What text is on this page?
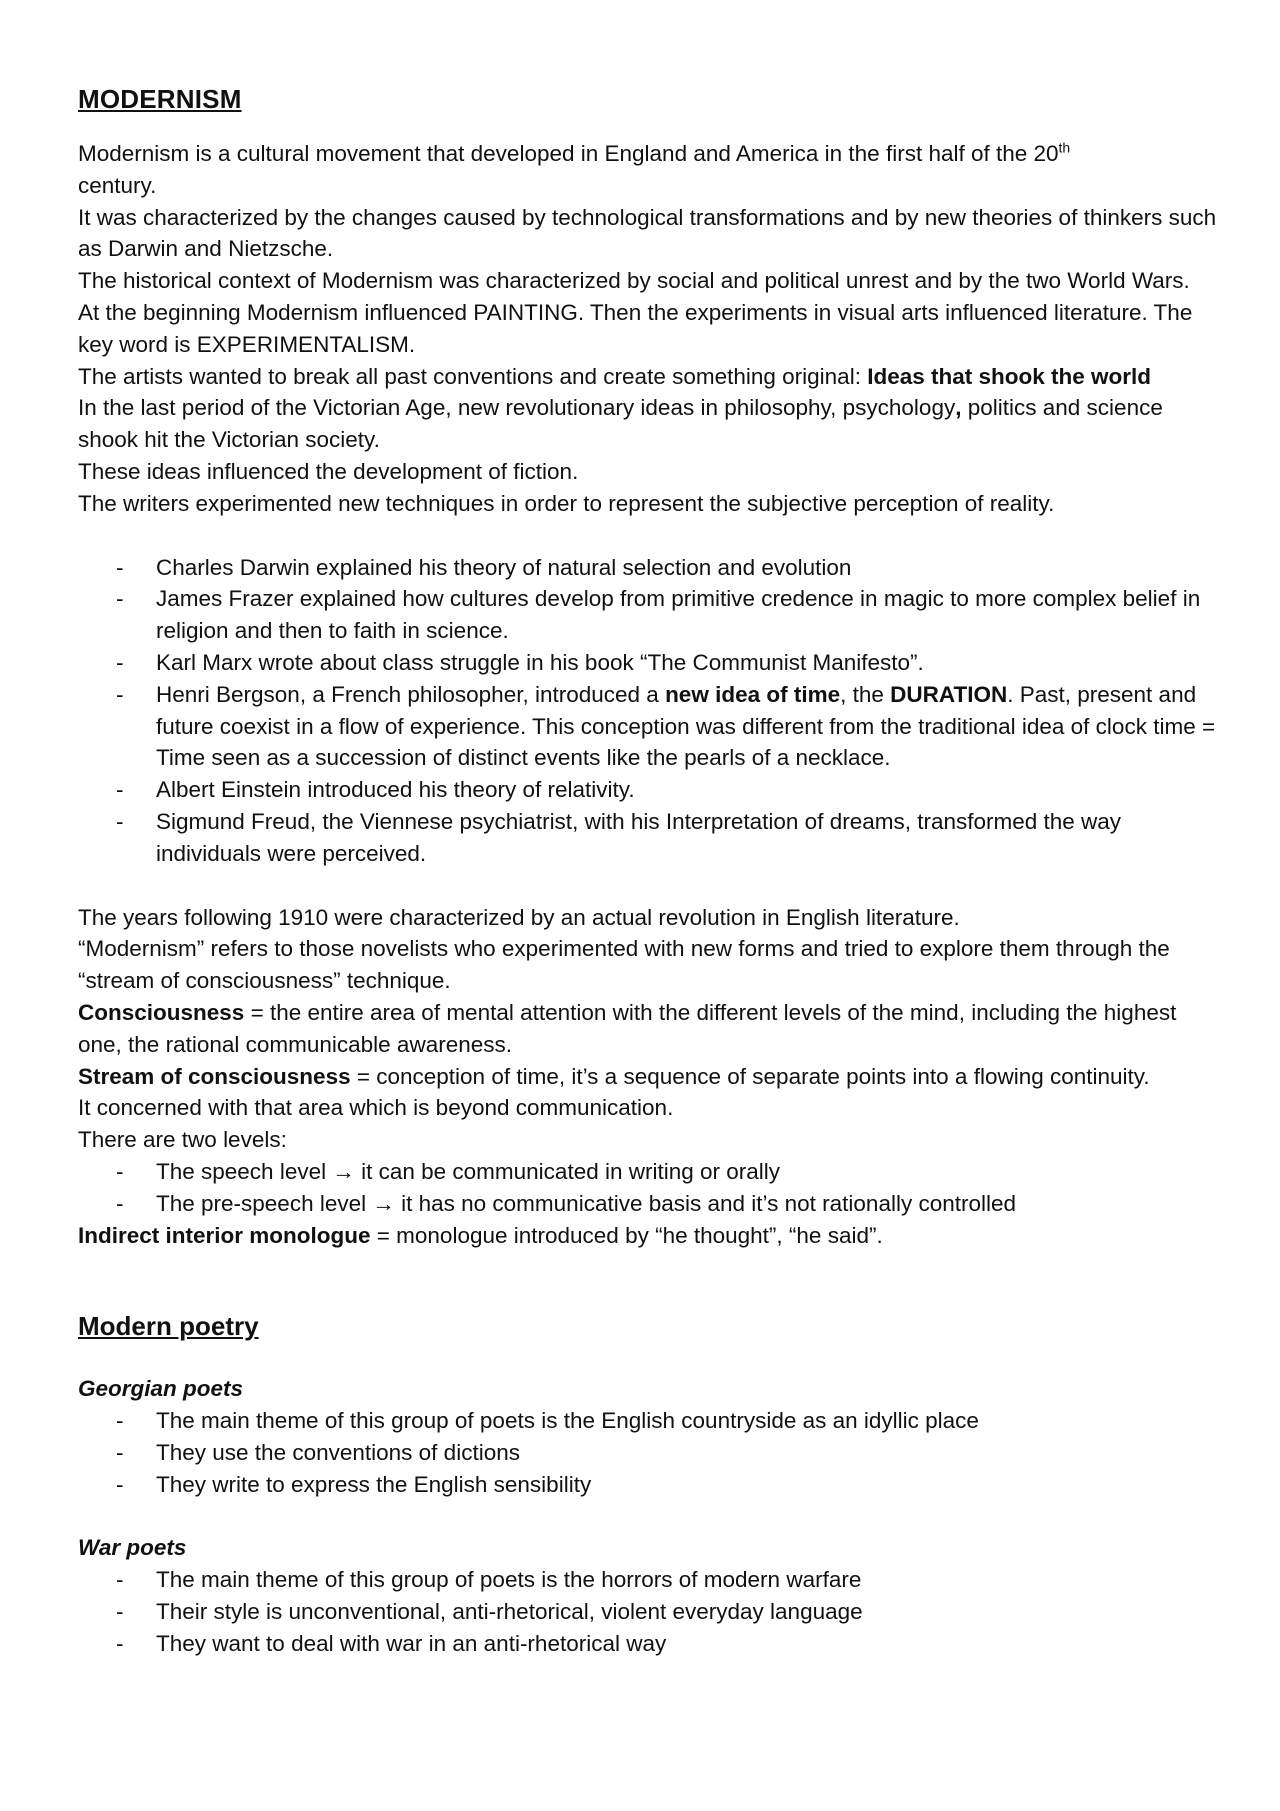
MODERNISM

Modernism is a cultural movement that developed in England and America in the first half of the 20th
century.

It was characterized by the changes caused by technological transformations and by new theories of thinkers such as Darwin and Nietzsche.

The historical context of Modernism was characterized by social and political unrest and by the two World Wars.

At the beginning Modernism influenced PAINTING. Then the experiments in visual arts influenced literature. The key word is EXPERIMENTALISM.

The artists wanted to break all past conventions and create something original: Ideas that shook the world

In the last period of the Victorian Age, new revolutionary ideas in philosophy, psychology, politics and science shook hit the Victorian society.

These ideas influenced the development of fiction.

The writers experimented new techniques in order to represent the subjective perception of reality.

- Charles Darwin explained his theory of natural selection and evolution
- James Frazer explained how cultures develop from primitive credence in magic to more complex belief in religion and then to faith in science.
- Karl Marx wrote about class struggle in his book “The Communist Manifesto”.
- Henri Bergson, a French philosopher, introduced a new idea of time, the DURATION. Past, present and future coexist in a flow of experience. This conception was different from the traditional idea of clock time = Time seen as a succession of distinct events like the pearls of a necklace.
- Albert Einstein introduced his theory of relativity.
- Sigmund Freud, the Viennese psychiatrist, with his Interpretation of dreams, transformed the way individuals were perceived.

The years following 1910 were characterized by an actual revolution in English literature.

“Modernism” refers to those novelists who experimented with new forms and tried to explore them through the “stream of consciousness” technique.

Consciousness = the entire area of mental attention with the different levels of the mind, including the highest one, the rational communicable awareness.

Stream of consciousness = conception of time, it’s a sequence of separate points into a flowing continuity.

It concerned with that area which is beyond communication.

There are two levels:

- The speech level → it can be communicated in writing or orally
- The pre-speech level → it has no communicative basis and it’s not rationally controlled

Indirect interior monologue = monologue introduced by “he thought”, “he said”.

Modern poetry
Georgian poets
- The main theme of this group of poets is the English countryside as an idyllic place
- They use the conventions of dictions
- They write to express the English sensibility
War poets
- The main theme of this group of poets is the horrors of modern warfare
- Their style is unconventional, anti-rhetorical, violent everyday language
- They want to deal with war in an anti-rhetorical way
